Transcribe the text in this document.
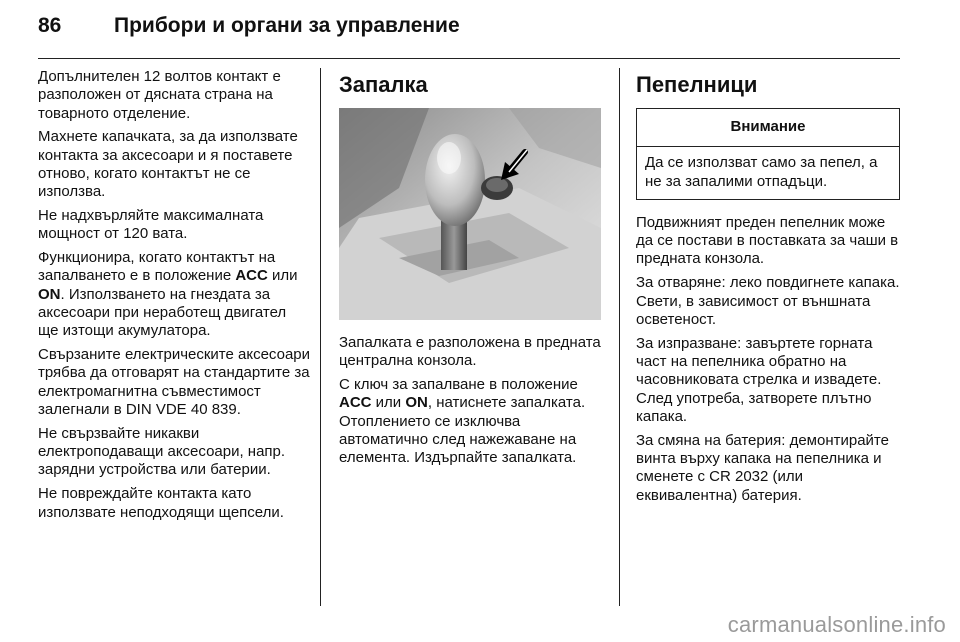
86	Прибори и органи за управление

Допълнителен 12 волтов контакт е разположен от дясната страна на товарното отделение.

Махнете капачката, за да използвате контакта за аксесоари и я поставете отново, когато контактът не се използва.

Не надхвърляйте максималната мощност от 120 вата.

Функционира, когато контактът на запалването е в положение ACC или ON. Използването на гнездата за аксесоари при неработещ двигател ще изтощи акумулатора.

Свързаните електрическите аксесоари трябва да отговарят на стандартите за електромагнитна съвместимост залегнали в DIN VDE 40 839.

Не свързвайте никакви електроподаващи аксесоари, напр. зарядни устройства или батерии.

Не повреждайте контакта като използвате неподходящи щепсели.

Запалка

Запалката е разположена в предната централна конзола.

С ключ за запалване в положение ACC или ON, натиснете запалката. Отоплението се изключва автоматично след нажежаване на елемента. Издърпайте запалката.

Пепелници
Внимание
Да се използват само за пепел, а не за запалими отпадъци.

Подвижният преден пепелник може да се постави в поставката за чаши в предната конзола.

За отваряне: леко повдигнете капака. Свети, в зависимост от външната осветеност.

За изпразване: завъртете горната част на пепелника обратно на часовниковата стрелка и извадете. След употреба, затворете плътно капака.

За смяна на батерия: демонтирайте винта върху капака на пепелника и сменете с CR 2032 (или еквивалентна) батерия.

carmanualsonline.info
